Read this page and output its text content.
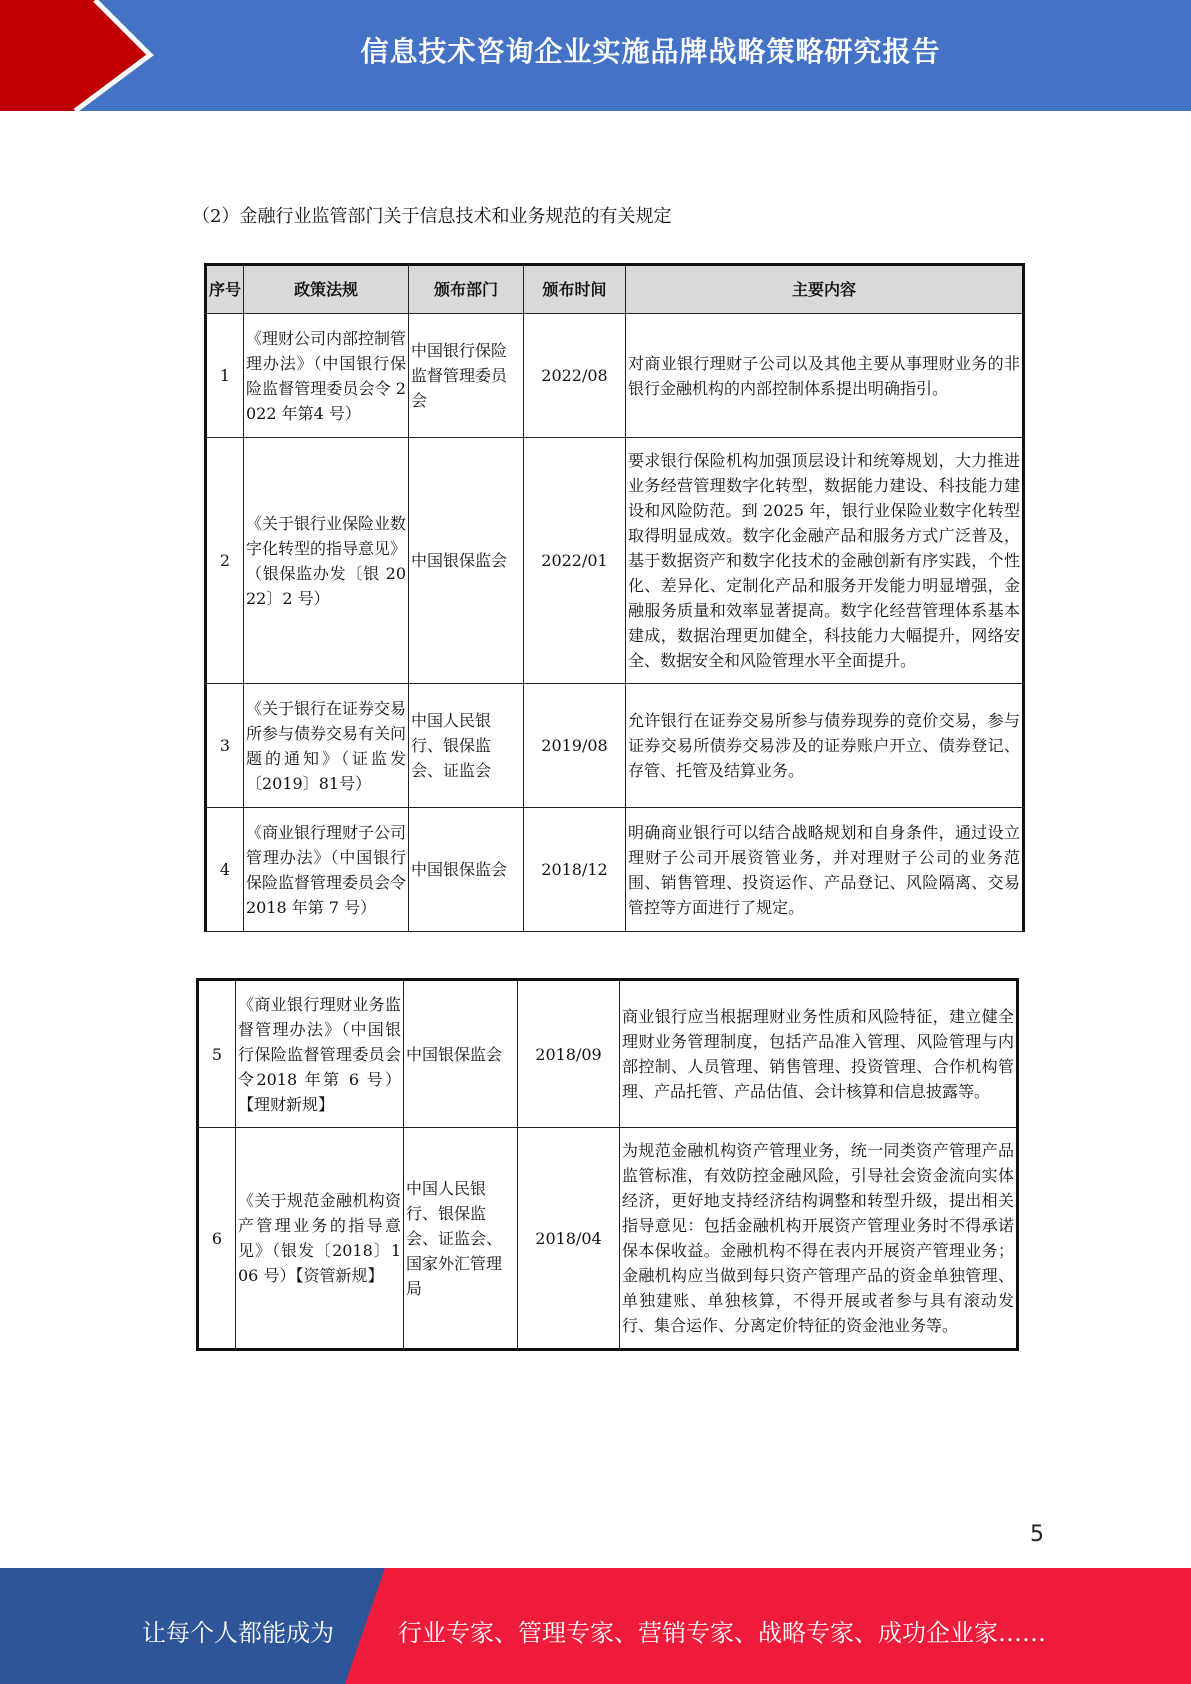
信息技术咨询企业实施品牌战略策略研究报告
（2）金融行业监管部门关于信息技术和业务规范的有关规定
序号	政策法规	颁布部门	颁布时间	主要内容
1	《理财公司内部控制管理办法》（中国银行保险监督管理委员会令 2022 年第4 号）	中国银行保险监督管理委员会	2022/08	对商业银行理财子公司以及其他主要从事理财业务的非银行金融机构的内部控制体系提出明确指引。
2	《关于银行业保险业数字化转型的指导意见》（银保监办发〔银 2022〕2 号）	中国银保监会	2022/01	要求银行保险机构加强顶层设计和统筹规划，大力推进业务经营管理数字化转型，数据能力建设、科技能力建设和风险防范。到 2025 年，银行业保险业数字化转型取得明显成效。数字化金融产品和服务方式广泛普及，基于数据资产和数字化技术的金融创新有序实践，个性化、差异化、定制化产品和服务开发能力明显增强，金融服务质量和效率显著提高。数字化经营管理体系基本建成，数据治理更加健全，科技能力大幅提升，网络安全、数据安全和风险管理水平全面提升。
3	《关于银行在证券交易所参与债券交易有关问题的通知》（证监发〔2019〕81号）	中国人民银行、银保监会、证监会	2019/08	允许银行在证券交易所参与债券现券的竞价交易，参与证券交易所债券交易涉及的证券账户开立、债券登记、存管、托管及结算业务。
4	《商业银行理财子公司管理办法》（中国银行保险监督管理委员会令 2018 年第 7 号）	中国银保监会	2018/12	明确商业银行可以结合战略规划和自身条件，通过设立理财子公司开展资管业务，并对理财子公司的业务范围、销售管理、投资运作、产品登记、风险隔离、交易管控等方面进行了规定。
5	《商业银行理财业务监督管理办法》（中国银行保险监督管理委员会令2018 年第 6 号）【理财新规】	中国银保监会	2018/09	商业银行应当根据理财业务性质和风险特征，建立健全理财业务管理制度，包括产品准入管理、风险管理与内部控制、人员管理、销售管理、投资管理、合作机构管理、产品托管、产品估值、会计核算和信息披露等。
6	《关于规范金融机构资产管理业务的指导意见》（银发〔2018〕106 号）【资管新规】	中国人民银行、银保监会、证监会、国家外汇管理局	2018/04	为规范金融机构资产管理业务，统一同类资产管理产品监管标准，有效防控金融风险，引导社会资金流向实体经济，更好地支持经济结构调整和转型升级，提出相关指导意见：包括金融机构开展资产管理业务时不得承诺保本保收益。金融机构不得在表内开展资产管理业务；金融机构应当做到每只资产管理产品的资金单独管理、单独建账、单独核算，不得开展或者参与具有滚动发行、集合运作、分离定价特征的资金池业务等。
5
让每个人都能成为	行业专家、管理专家、营销专家、战略专家、成功企业家……
